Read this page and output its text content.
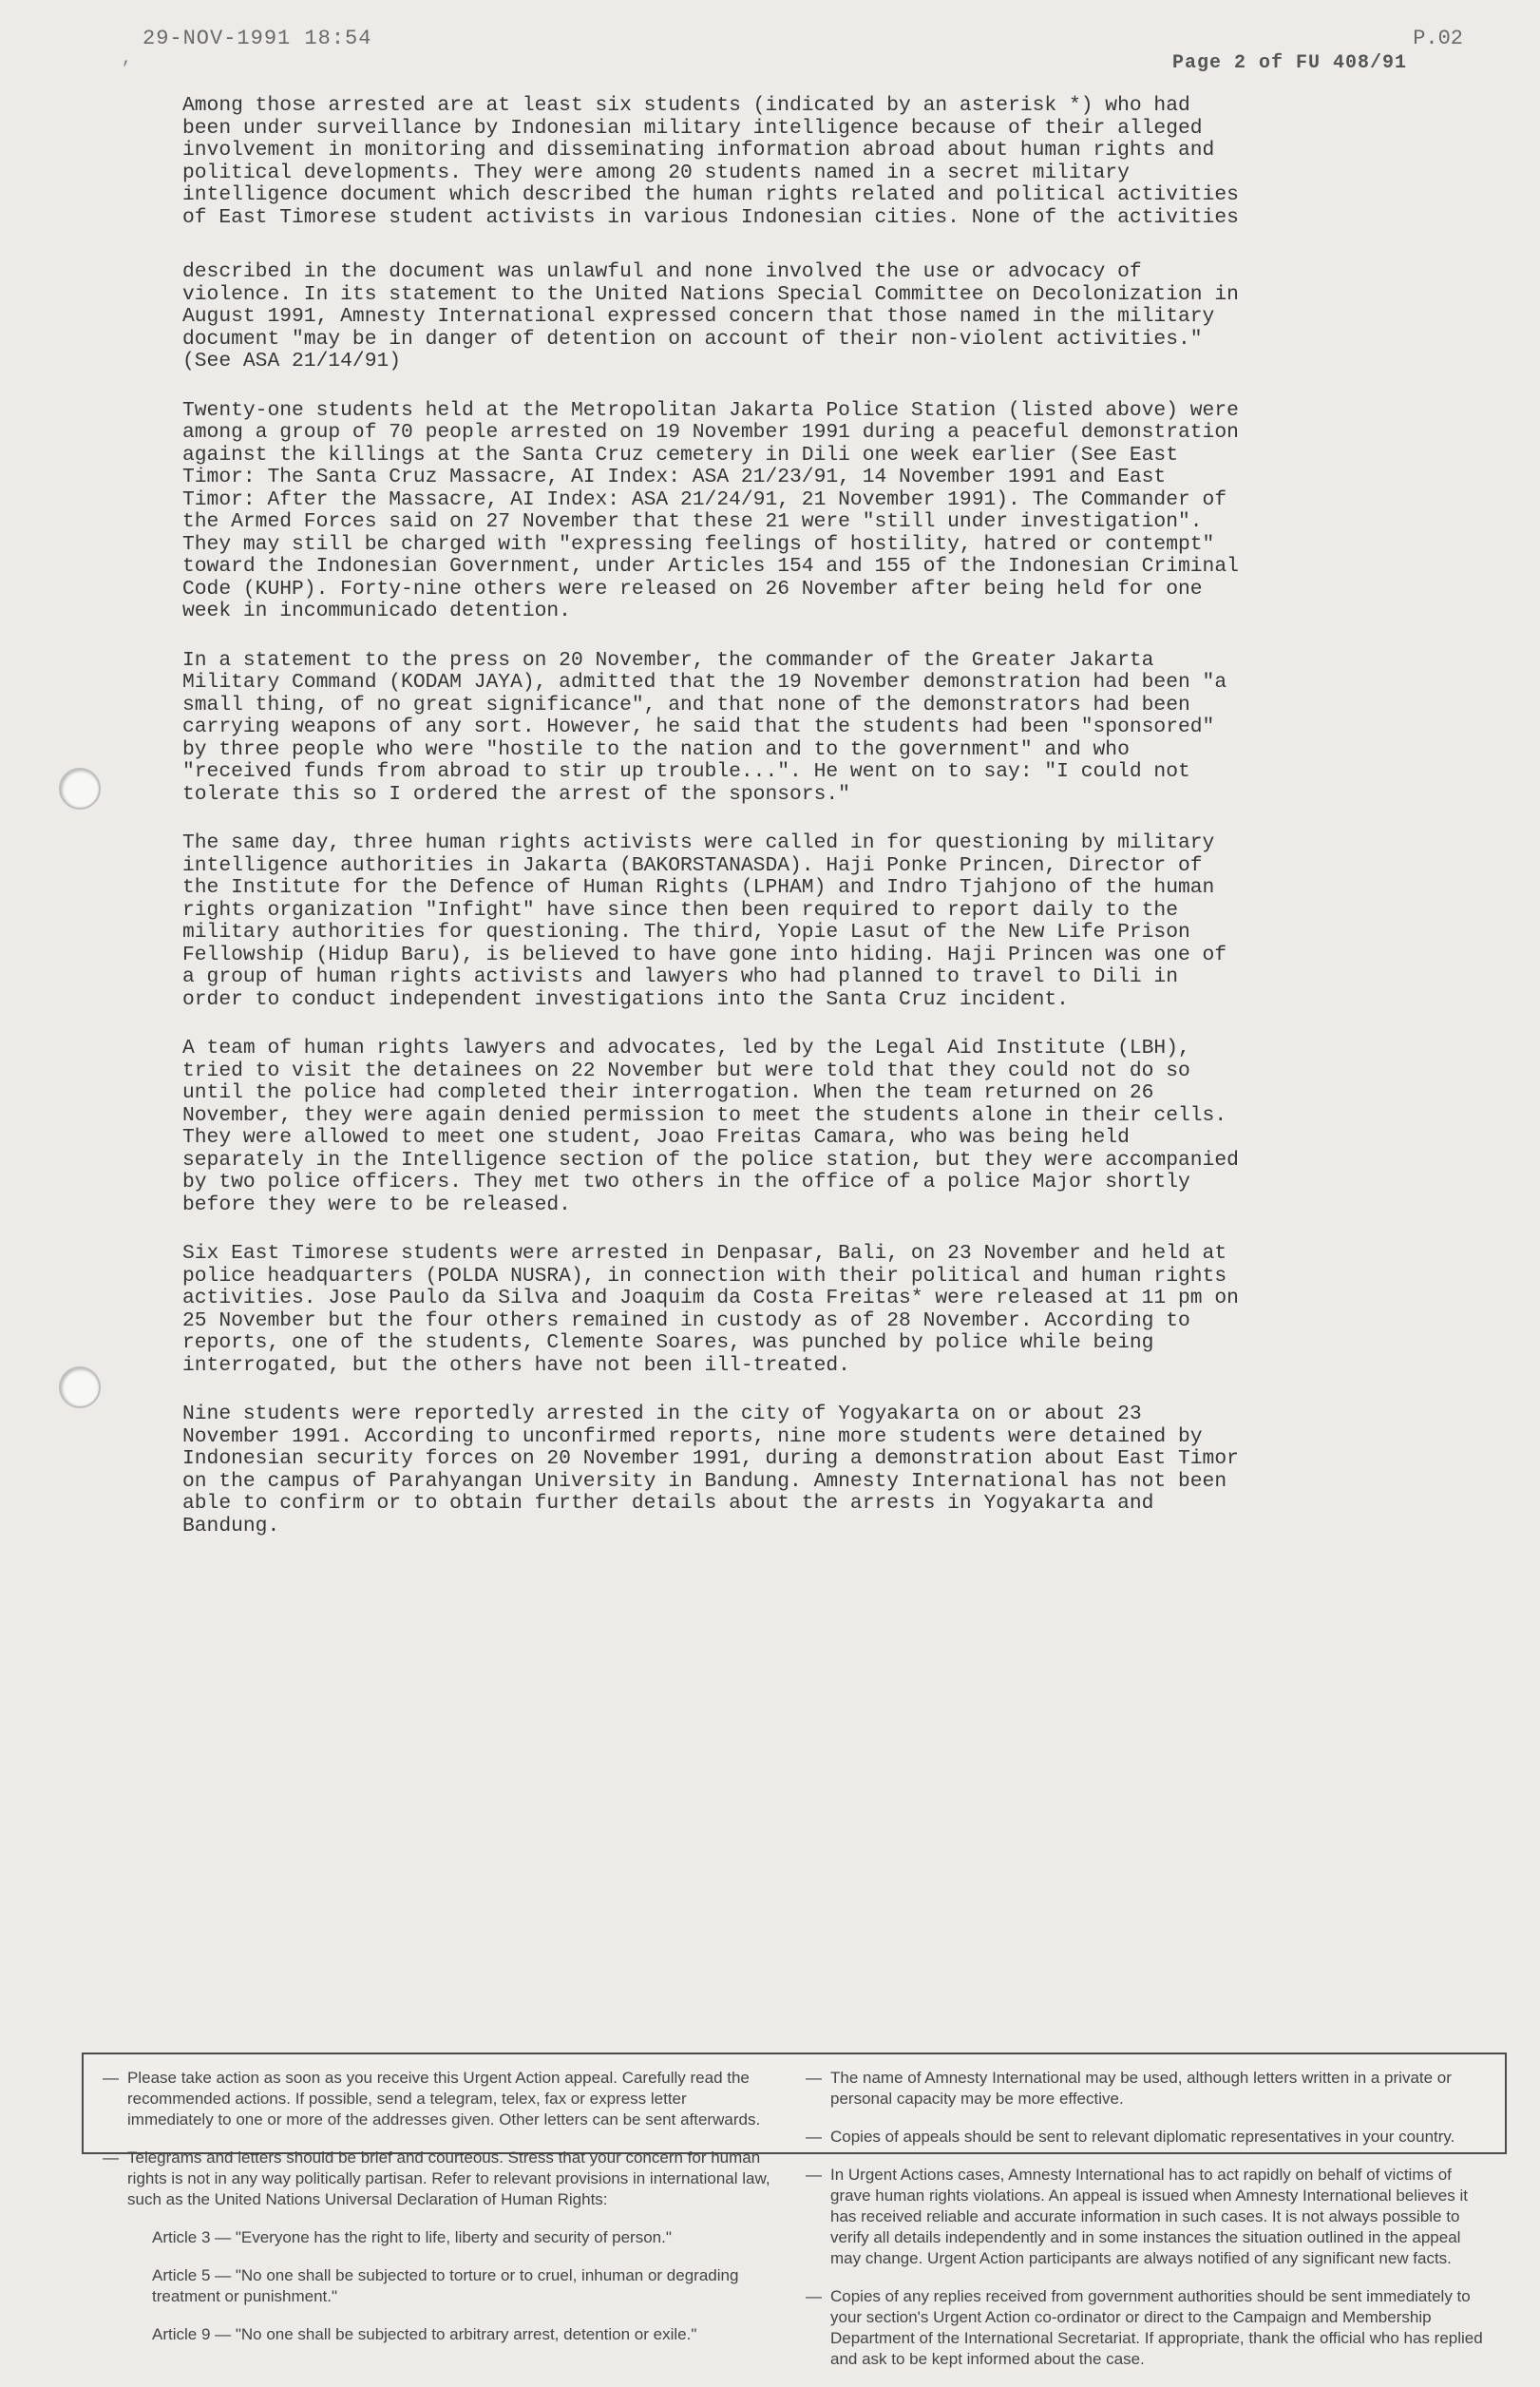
29-NOV-1991 18:54	P.02
Page 2 of FU 408/91
,

Among those arrested are at least six students (indicated by an asterisk *) who had
been under surveillance by Indonesian military intelligence because of their alleged
involvement in monitoring and disseminating information abroad about human rights and
political developments. They were among 20 students named in a secret military
intelligence document which described the human rights related and political activities
of East Timorese student activists in various Indonesian cities. None of the activities

described in the document was unlawful and none involved the use or advocacy of
violence. In its statement to the United Nations Special Committee on Decolonization in
August 1991, Amnesty International expressed concern that those named in the military
document "may be in danger of detention on account of their non-violent activities."
(See ASA 21/14/91)

Twenty-one students held at the Metropolitan Jakarta Police Station (listed above) were
among a group of 70 people arrested on 19 November 1991 during a peaceful demonstration
against the killings at the Santa Cruz cemetery in Dili one week earlier (See East
Timor: The Santa Cruz Massacre, AI Index: ASA 21/23/91, 14 November 1991 and East
Timor: After the Massacre, AI Index: ASA 21/24/91, 21 November 1991). The Commander of
the Armed Forces said on 27 November that these 21 were "still under investigation".
They may still be charged with "expressing feelings of hostility, hatred or contempt"
toward the Indonesian Government, under Articles 154 and 155 of the Indonesian Criminal
Code (KUHP). Forty-nine others were released on 26 November after being held for one
week in incommunicado detention.

In a statement to the press on 20 November, the commander of the Greater Jakarta
Military Command (KODAM JAYA), admitted that the 19 November demonstration had been "a
small thing, of no great significance", and that none of the demonstrators had been
carrying weapons of any sort. However, he said that the students had been "sponsored"
by three people who were "hostile to the nation and to the government" and who
"received funds from abroad to stir up trouble...". He went on to say: "I could not
tolerate this so I ordered the arrest of the sponsors."

The same day, three human rights activists were called in for questioning by military
intelligence authorities in Jakarta (BAKORSTANASDA). Haji Ponke Princen, Director of
the Institute for the Defence of Human Rights (LPHAM) and Indro Tjahjono of the human
rights organization "Infight" have since then been required to report daily to the
military authorities for questioning. The third, Yopie Lasut of the New Life Prison
Fellowship (Hidup Baru), is believed to have gone into hiding. Haji Princen was one of
a group of human rights activists and lawyers who had planned to travel to Dili in
order to conduct independent investigations into the Santa Cruz incident.

A team of human rights lawyers and advocates, led by the Legal Aid Institute (LBH),
tried to visit the detainees on 22 November but were told that they could not do so
until the police had completed their interrogation. When the team returned on 26
November, they were again denied permission to meet the students alone in their cells.
They were allowed to meet one student, Joao Freitas Camara, who was being held
separately in the Intelligence section of the police station, but they were accompanied
by two police officers. They met two others in the office of a police Major shortly
before they were to be released.

Six East Timorese students were arrested in Denpasar, Bali, on 23 November and held at
police headquarters (POLDA NUSRA), in connection with their political and human rights
activities. Jose Paulo da Silva and Joaquim da Costa Freitas* were released at 11 pm on
25 November but the four others remained in custody as of 28 November. According to
reports, one of the students, Clemente Soares, was punched by police while being
interrogated, but the others have not been ill-treated.

Nine students were reportedly arrested in the city of Yogyakarta on or about 23
November 1991. According to unconfirmed reports, nine more students were detained by
Indonesian security forces on 20 November 1991, during a demonstration about East Timor
on the campus of Parahyangan University in Bandung. Amnesty International has not been
able to confirm or to obtain further details about the arrests in Yogyakarta and
Bandung.

— Please take action as soon as you receive this Urgent Action appeal. Carefully read the recommended actions. If possible, send a telegram, telex, fax or express letter immediately to one or more of the addresses given. Other letters can be sent afterwards.
— Telegrams and letters should be brief and courteous. Stress that your concern for human rights is not in any way politically partisan. Refer to relevant provisions in international law, such as the United Nations Universal Declaration of Human Rights:
Article 3 — "Everyone has the right to life, liberty and security of person."
Article 5 — "No one shall be subjected to torture or to cruel, inhuman or degrading treatment or punishment."
Article 9 — "No one shall be subjected to arbitrary arrest, detention or exile."
— The name of Amnesty International may be used, although letters written in a private or personal capacity may be more effective.
— Copies of appeals should be sent to relevant diplomatic representatives in your country.
— In Urgent Actions cases, Amnesty International has to act rapidly on behalf of victims of grave human rights violations. An appeal is issued when Amnesty International believes it has received reliable and accurate information in such cases. It is not always possible to verify all details independently and in some instances the situation outlined in the appeal may change. Urgent Action participants are always notified of any significant new facts.
— Copies of any replies received from government authorities should be sent immediately to your section's Urgent Action co-ordinator or direct to the Campaign and Membership Department of the International Secretariat. If appropriate, thank the official who has replied and ask to be kept informed about the case.
